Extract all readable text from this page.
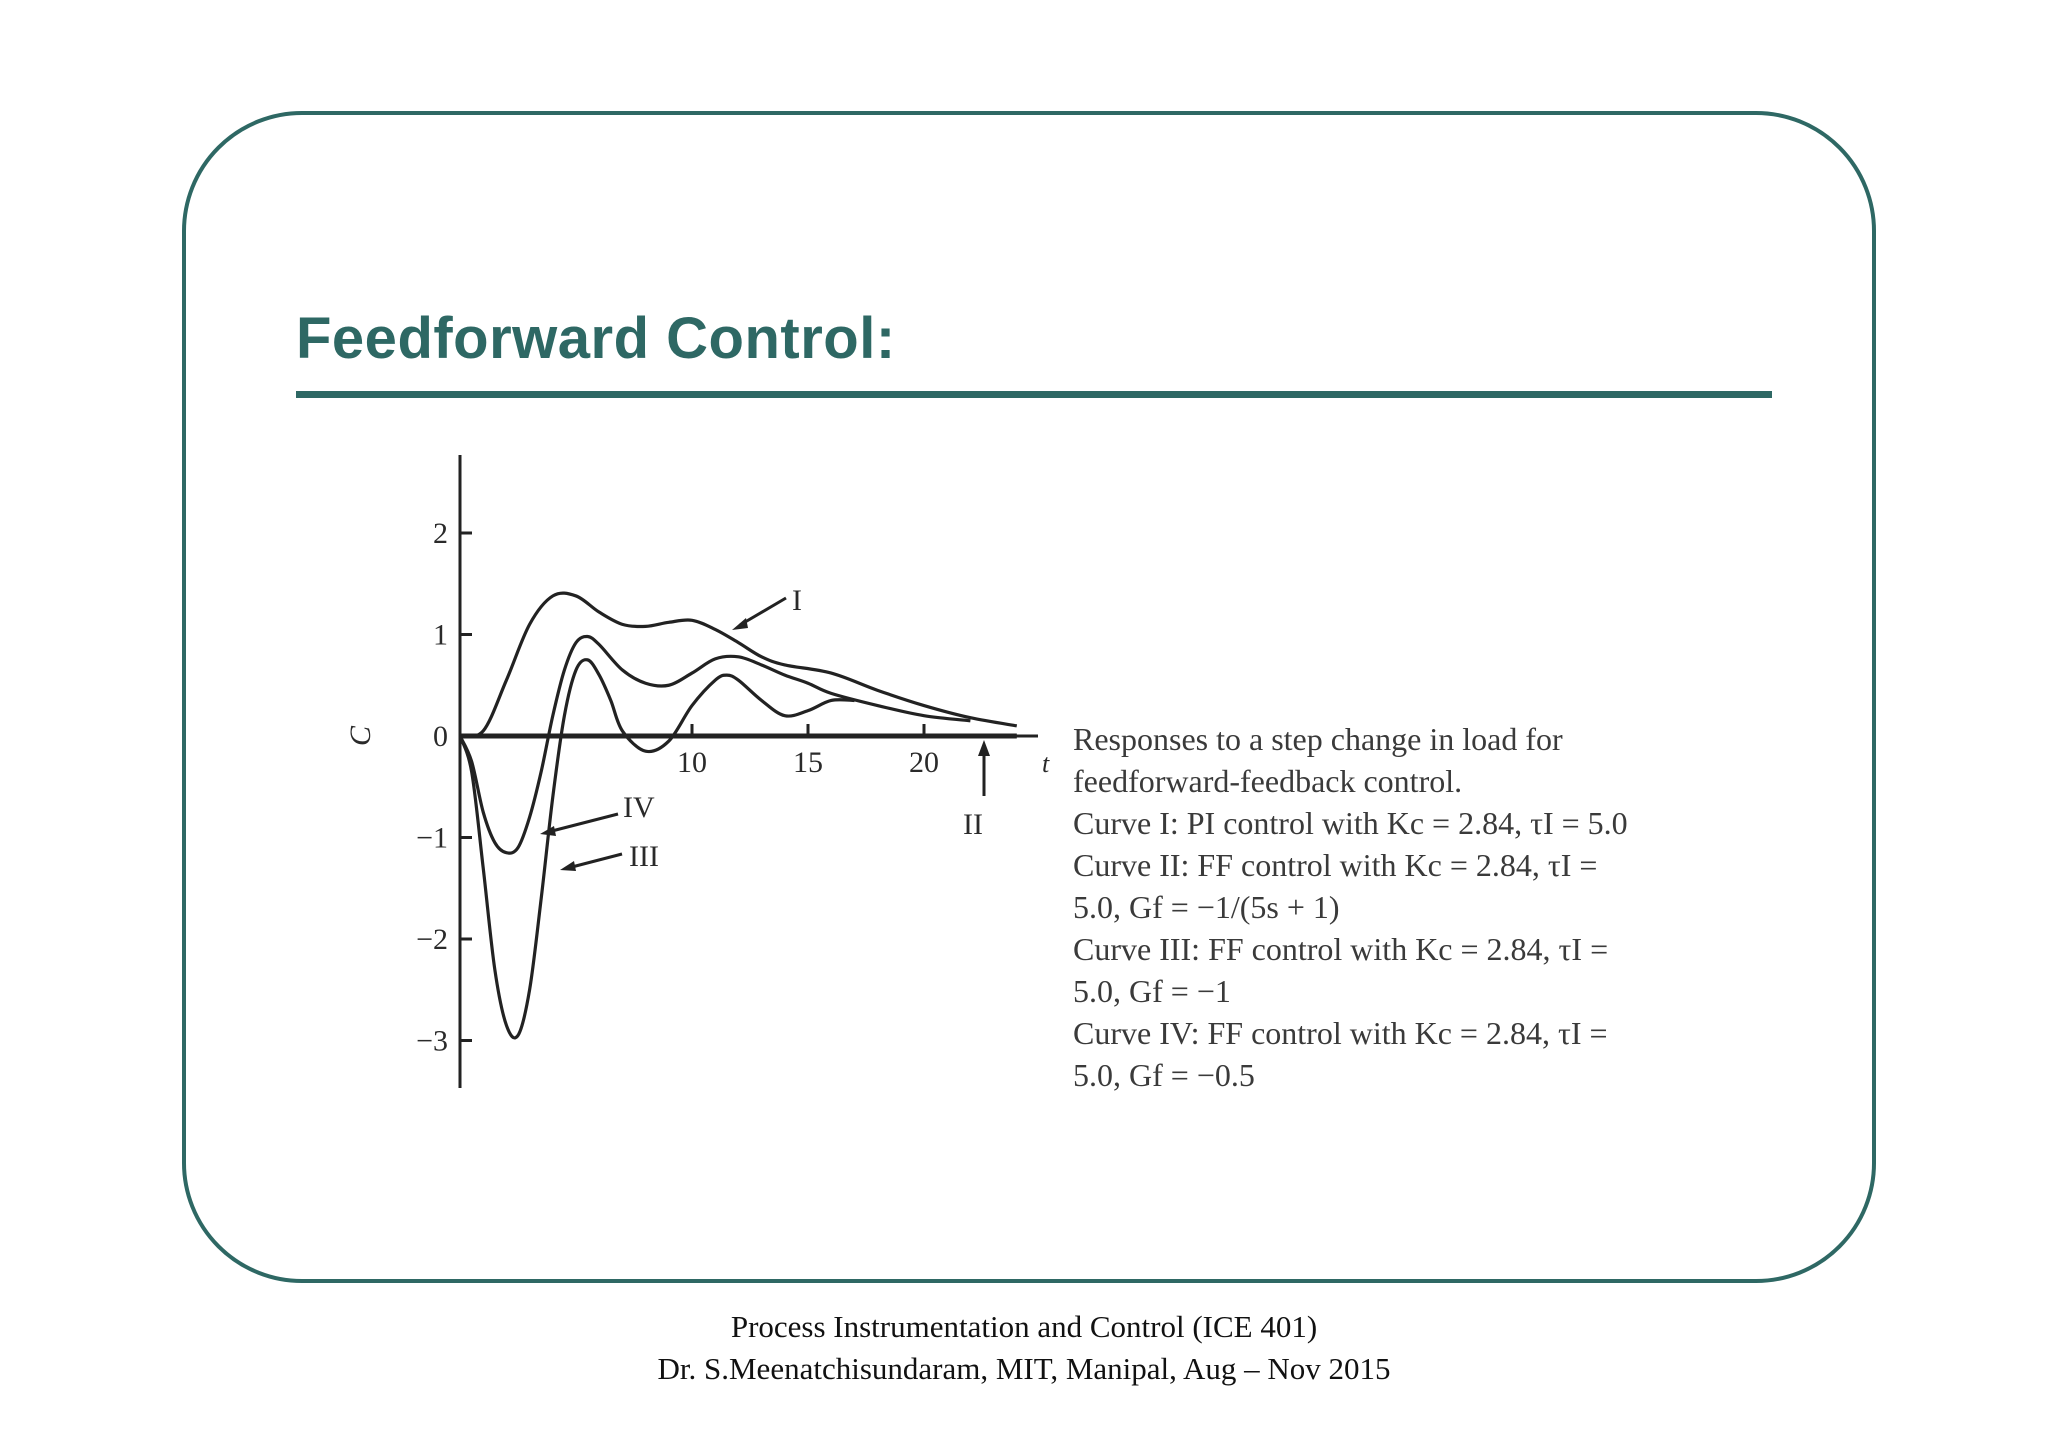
Feedforward Control:
C
t
2
1
0
−1
−2
−3
10	15	20
I
IV
III
II
Responses to a step change in load for
feedforward-feedback control.
Curve I: PI control with Kc = 2.84, τI = 5.0
Curve II: FF control with Kc = 2.84, τI =
5.0, Gf = −1/(5s + 1)
Curve III: FF control with Kc = 2.84, τI =
5.0, Gf = −1
Curve IV: FF control with Kc = 2.84, τI =
5.0, Gf = −0.5
Process Instrumentation and Control (ICE 401)
Dr. S.Meenatchisundaram, MIT, Manipal, Aug – Nov 2015
